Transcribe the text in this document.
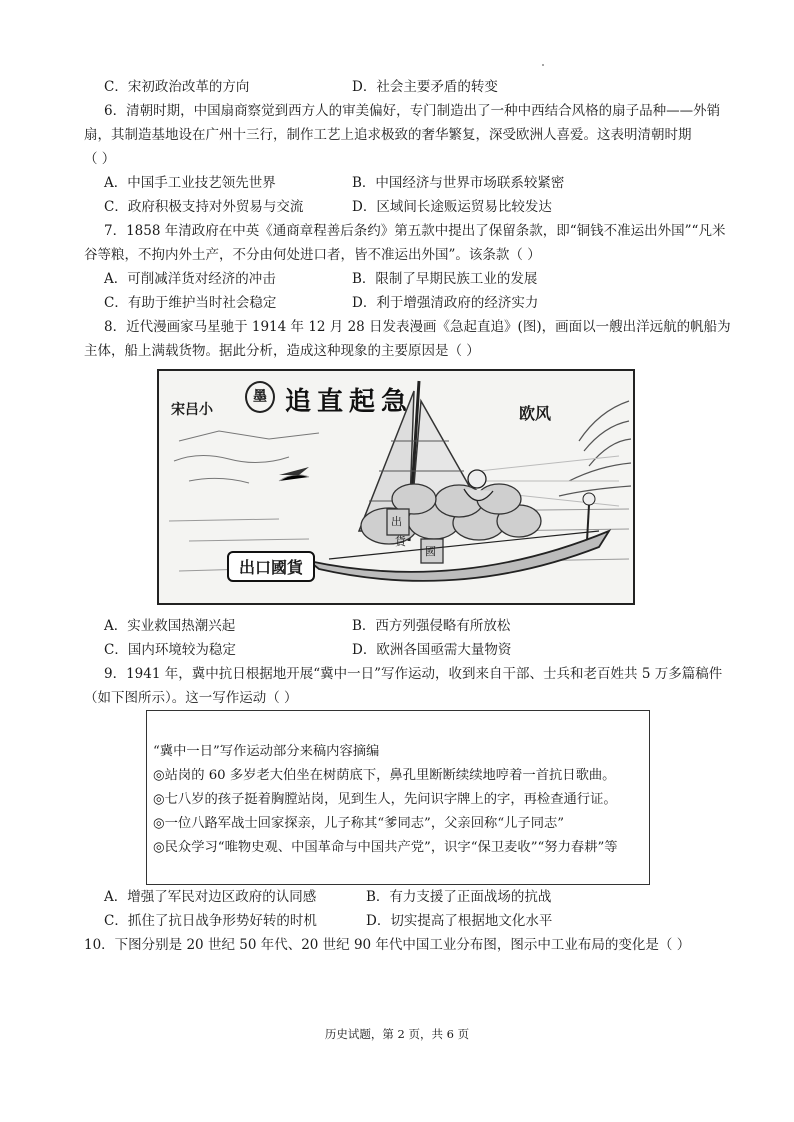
C．宋初政治改革的方向	D．社会主要矛盾的转变
6．清朝时期，中国扇商察觉到西方人的审美偏好，专门制造出了一种中西结合风格的扇子品种——外销
扇，其制造基地设在广州十三行，制作工艺上追求极致的奢华繁复，深受欧洲人喜爱。这表明清朝时期
（ ）
A．中国手工业技艺领先世界	B．中国经济与世界市场联系较紧密
C．政府积极支持对外贸易与交流	D．区域间长途贩运贸易比较发达
7．1858 年清政府在中英《通商章程善后条约》第五款中提出了保留条款，即“铜钱不准运出外国”“凡米
谷等粮，不拘内外土产，不分由何处进口者，皆不准运出外国”。该条款（ ）
A．可削减洋货对经济的冲击	B．限制了早期民族工业的发展
C．有助于维护当时社会稳定	D．利于增强清政府的经济实力
8．近代漫画家马星驰于 1914 年 12 月 28 日发表漫画《急起直追》(图)，画面以一艘出洋远航的帆船为
主体，船上满载货物。据此分析，造成这种现象的主要原因是（ ）
宋吕小
墨 追直起急	欧风
出
貨
國
出口國貨
A．实业救国热潮兴起	B．西方列强侵略有所放松
C．国内环境较为稳定	D．欧洲各国亟需大量物资
9．1941 年，冀中抗日根据地开展“冀中一日”写作运动，收到来自干部、士兵和老百姓共 5 万多篇稿件
（如下图所示）。这一写作运动（ ）
“冀中一日”写作运动部分来稿内容摘编
◎站岗的 60 多岁老大伯坐在树荫底下，鼻孔里断断续续地哼着一首抗日歌曲。
◎七八岁的孩子挺着胸膛站岗，见到生人，先问识字牌上的字，再检查通行证。
◎一位八路军战士回家探亲，儿子称其“爹同志”，父亲回称“儿子同志”
◎民众学习“唯物史观、中国革命与中国共产党”，识字“保卫麦收”“努力春耕”等
A．增强了军民对边区政府的认同感	B．有力支援了正面战场的抗战
C．抓住了抗日战争形势好转的时机	D．切实提高了根据地文化水平
10．下图分别是 20 世纪 50 年代、20 世纪 90 年代中国工业分布图，图示中工业布局的变化是（ ）
历史试题，第 2 页，共 6 页
